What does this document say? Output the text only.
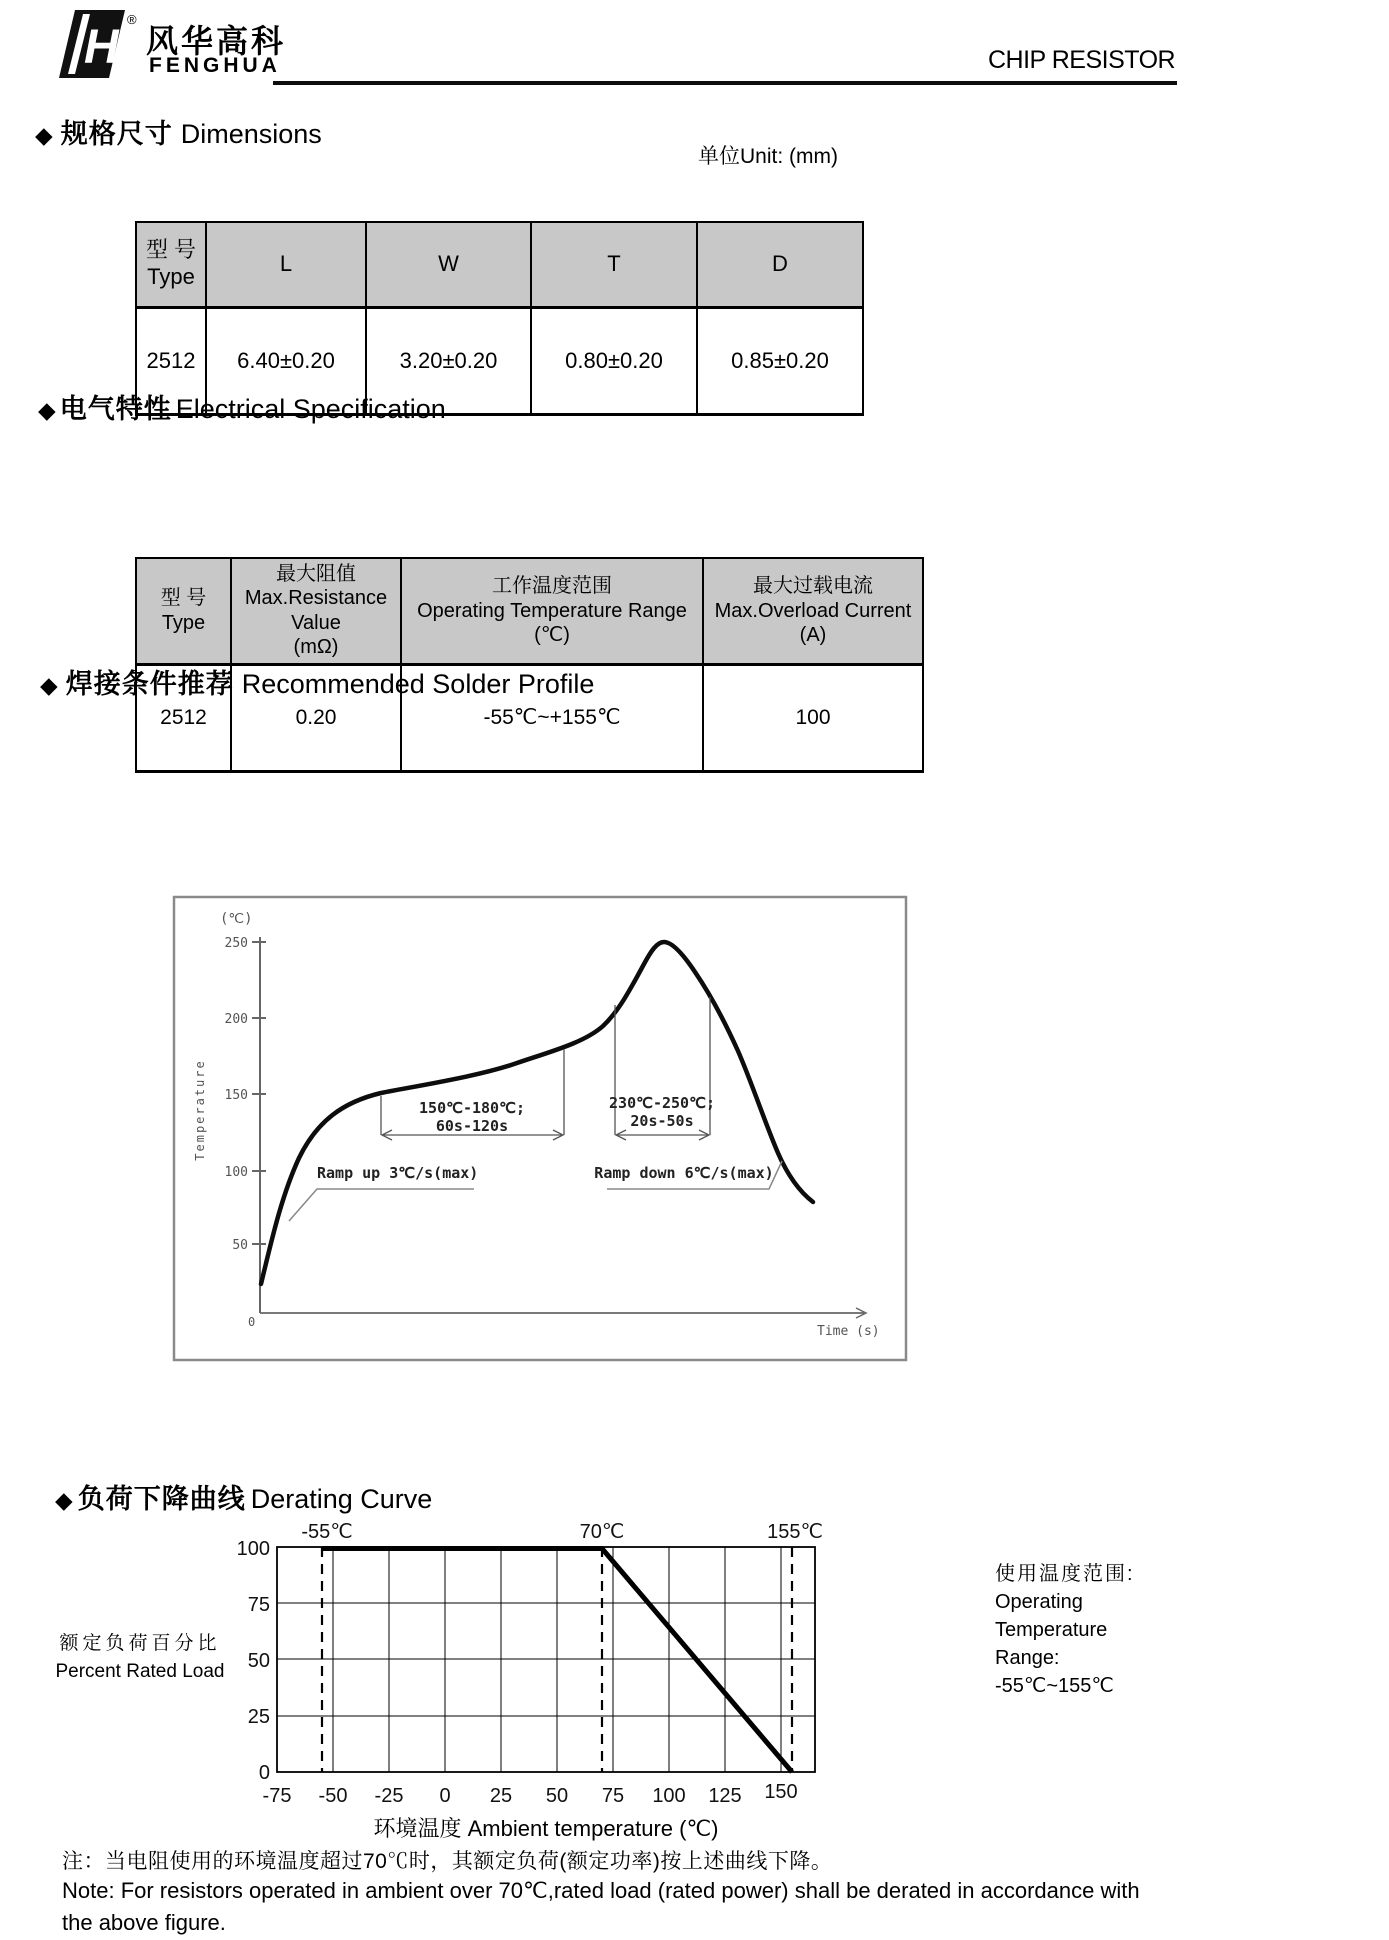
H
®
风华高科
FENGHUA	CHIP RESISTOR
◆ 规格尺寸 Dimensions
单位Unit: (mm)
型 号
Type	L	W	T	D
2512	6.40±0.20	3.20±0.20	0.80±0.20	0.85±0.20
◆ 电气特性 Electrical Specification
型 号
Type	最大阻值
Max.Resistance
Value
(mΩ)	工作温度范围
Operating Temperature Range
(℃)	最大过载电流
Max.Overload Current
(A)

2512	0.20	-55℃~+155℃	100
◆ 焊接条件推荐 Recommended Solder Profile
250
200
150
100
50
(℃)
Temperature
0
Time (s)
150℃-180℃;
60s-120s
230℃-250℃;
20s-50s
Ramp up 3℃/s(max)	Ramp down 6℃/s(max)
◆ 负荷下降曲线 Derating Curve
-55℃	70℃	155℃
100
75
50
25
0
-75 -50 -25 0 25 50 75 100 125 150
额定负荷百分比
Percent Rated Load
使用温度范围:
Operating
Temperature
Range:
-55℃~155℃
环境温度 Ambient temperature (℃)
注：当电阻使用的环境温度超过70℃时，其额定负荷(额定功率)按上述曲线下降。
Note: For resistors operated in ambient over 70℃,rated load (rated power) shall be derated in accordance with
the above figure.
